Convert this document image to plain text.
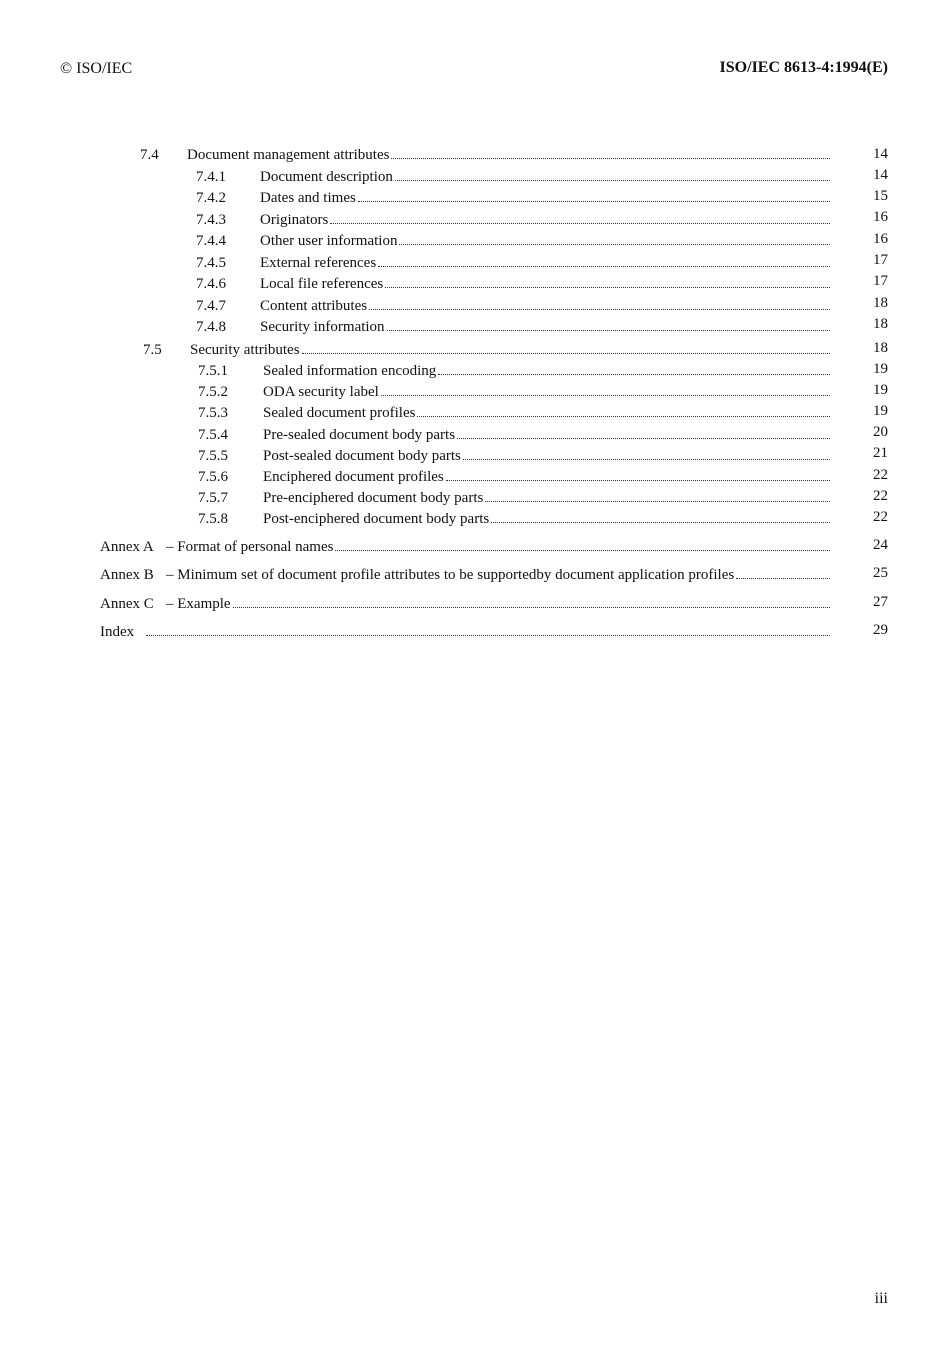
© ISO/IEC	ISO/IEC 8613-4:1994(E)
7.4	Document management attributes	14
7.4.1	Document description	14
7.4.2	Dates and times	15
7.4.3	Originators	16
7.4.4	Other user information	16
7.4.5	External references	17
7.4.6	Local file references	17
7.4.7	Content attributes	18
7.4.8	Security information	18
7.5	Security attributes	18
7.5.1	Sealed information encoding	19
7.5.2	ODA security label	19
7.5.3	Sealed document profiles	19
7.5.4	Pre-sealed document body parts	20
7.5.5	Post-sealed document body parts	21
7.5.6	Enciphered document profiles	22
7.5.7	Pre-enciphered document body parts	22
7.5.8	Post-enciphered document body parts	22
Annex A – Format of personal names	24
Annex B – Minimum set of document profile attributes to be supportedby document application profiles	25
Annex C – Example	27
Index	29
iii
